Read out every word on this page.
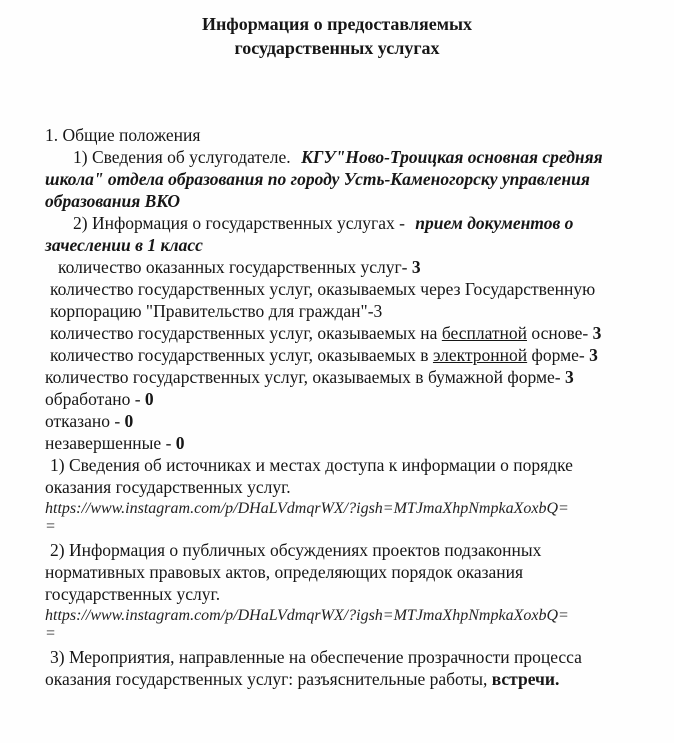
Информация о предоставляемых
государственных услугах
1. Общие положения
1) Сведения об услугодателе. КГУ"Ново-Троицкая основная средняя
школа" отдела образования по городу Усть-Каменогорску управления
образования ВКО
2) Информация о государственных услугах - прием документов о
зачеслении в 1 класс
количество оказанных государственных услуг- 3
количество государственных услуг, оказываемых через Государственную
корпорацию "Правительство для граждан"-3
количество государственных услуг, оказываемых на бесплатной основе- 3
количество государственных услуг, оказываемых в электронной форме- 3
количество государственных услуг, оказываемых в бумажной форме- 3
обработано - 0
отказано - 0
незавершенные - 0
1) Сведения об источниках и местах доступа к информации о порядке
оказания государственных услуг.
https://www.instagram.com/p/DHaLVdmqrWX/?igsh=MTJmaXhpNmpkaXoxbQ=
=
2) Информация о публичных обсуждениях проектов подзаконных
нормативных правовых актов, определяющих порядок оказания
государственных услуг.
https://www.instagram.com/p/DHaLVdmqrWX/?igsh=MTJmaXhpNmpkaXoxbQ=
=
3) Мероприятия, направленные на обеспечение прозрачности процесса
оказания государственных услуг: разъяснительные работы, встречи.
